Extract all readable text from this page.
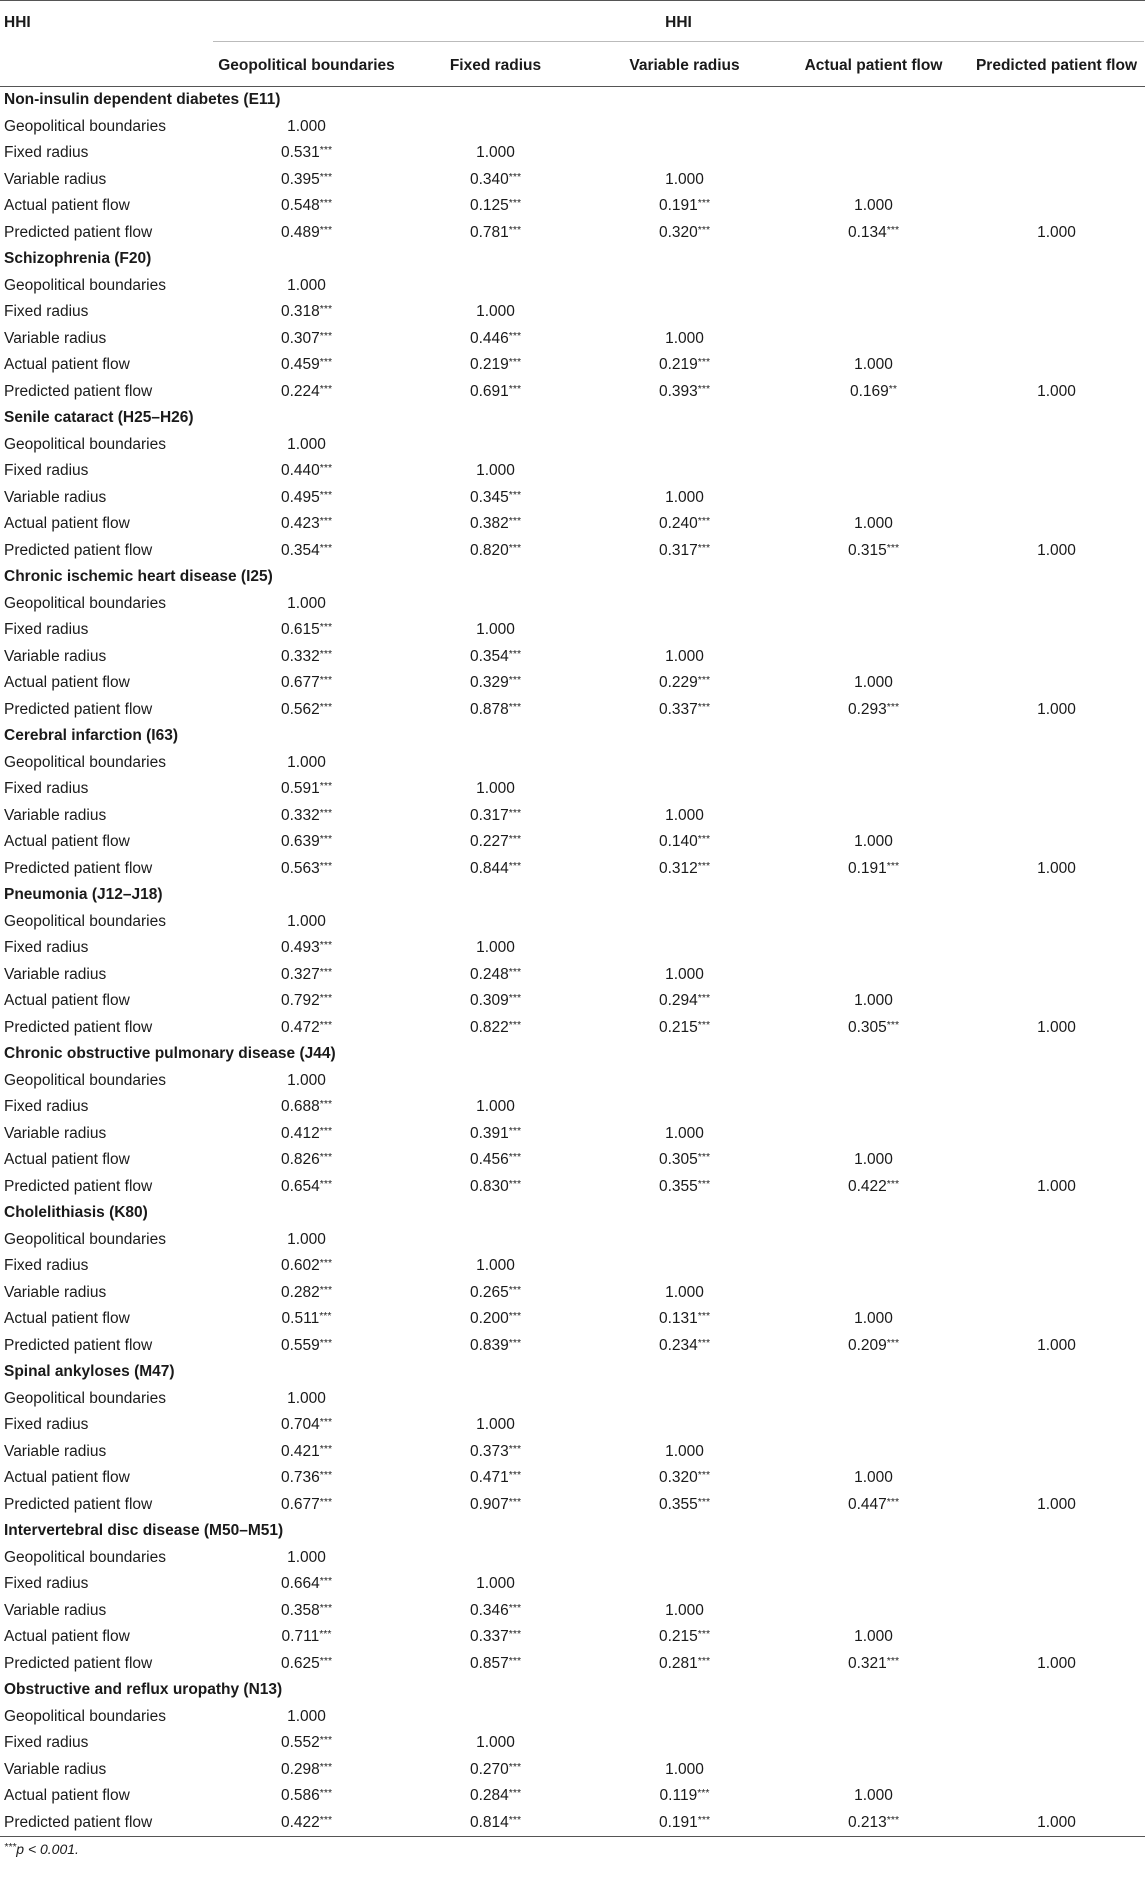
HHI	HHI				

	Geopolitical boundaries	Fixed radius	Variable radius	Actual patient flow	Predicted patient flow
Non-insulin dependent diabetes (E11)					
Geopolitical boundaries	1.000				
Fixed radius	0.531***	1.000			
Variable radius	0.395***	0.340***	1.000		
Actual patient flow	0.548***	0.125***	0.191***	1.000	
Predicted patient flow	0.489***	0.781***	0.320***	0.134***	1.000
Schizophrenia (F20)					
Geopolitical boundaries	1.000				
Fixed radius	0.318***	1.000			
Variable radius	0.307***	0.446***	1.000		
Actual patient flow	0.459***	0.219***	0.219***	1.000	
Predicted patient flow	0.224***	0.691***	0.393***	0.169**	1.000
Senile cataract (H25–H26)					
Geopolitical boundaries	1.000				
Fixed radius	0.440***	1.000			
Variable radius	0.495***	0.345***	1.000		
Actual patient flow	0.423***	0.382***	0.240***	1.000	
Predicted patient flow	0.354***	0.820***	0.317***	0.315***	1.000
Chronic ischemic heart disease (I25)					
Geopolitical boundaries	1.000				
Fixed radius	0.615***	1.000			
Variable radius	0.332***	0.354***	1.000		
Actual patient flow	0.677***	0.329***	0.229***	1.000	
Predicted patient flow	0.562***	0.878***	0.337***	0.293***	1.000
Cerebral infarction (I63)					
Geopolitical boundaries	1.000				
Fixed radius	0.591***	1.000			
Variable radius	0.332***	0.317***	1.000		
Actual patient flow	0.639***	0.227***	0.140***	1.000	
Predicted patient flow	0.563***	0.844***	0.312***	0.191***	1.000
Pneumonia (J12–J18)					
Geopolitical boundaries	1.000				
Fixed radius	0.493***	1.000			
Variable radius	0.327***	0.248***	1.000		
Actual patient flow	0.792***	0.309***	0.294***	1.000	
Predicted patient flow	0.472***	0.822***	0.215***	0.305***	1.000
Chronic obstructive pulmonary disease (J44)					
Geopolitical boundaries	1.000				
Fixed radius	0.688***	1.000			
Variable radius	0.412***	0.391***	1.000		
Actual patient flow	0.826***	0.456***	0.305***	1.000	
Predicted patient flow	0.654***	0.830***	0.355***	0.422***	1.000
Cholelithiasis (K80)					
Geopolitical boundaries	1.000				
Fixed radius	0.602***	1.000			
Variable radius	0.282***	0.265***	1.000		
Actual patient flow	0.511***	0.200***	0.131***	1.000	
Predicted patient flow	0.559***	0.839***	0.234***	0.209***	1.000
Spinal ankyloses (M47)					
Geopolitical boundaries	1.000				
Fixed radius	0.704***	1.000			
Variable radius	0.421***	0.373***	1.000		
Actual patient flow	0.736***	0.471***	0.320***	1.000	
Predicted patient flow	0.677***	0.907***	0.355***	0.447***	1.000
Intervertebral disc disease (M50–M51)					
Geopolitical boundaries	1.000				
Fixed radius	0.664***	1.000			
Variable radius	0.358***	0.346***	1.000		
Actual patient flow	0.711***	0.337***	0.215***	1.000	
Predicted patient flow	0.625***	0.857***	0.281***	0.321***	1.000
Obstructive and reflux uropathy (N13)					
Geopolitical boundaries	1.000				
Fixed radius	0.552***	1.000			
Variable radius	0.298***	0.270***	1.000		
Actual patient flow	0.586***	0.284***	0.119***	1.000	
Predicted patient flow	0.422***	0.814***	0.191***	0.213***	1.000

***p < 0.001.
